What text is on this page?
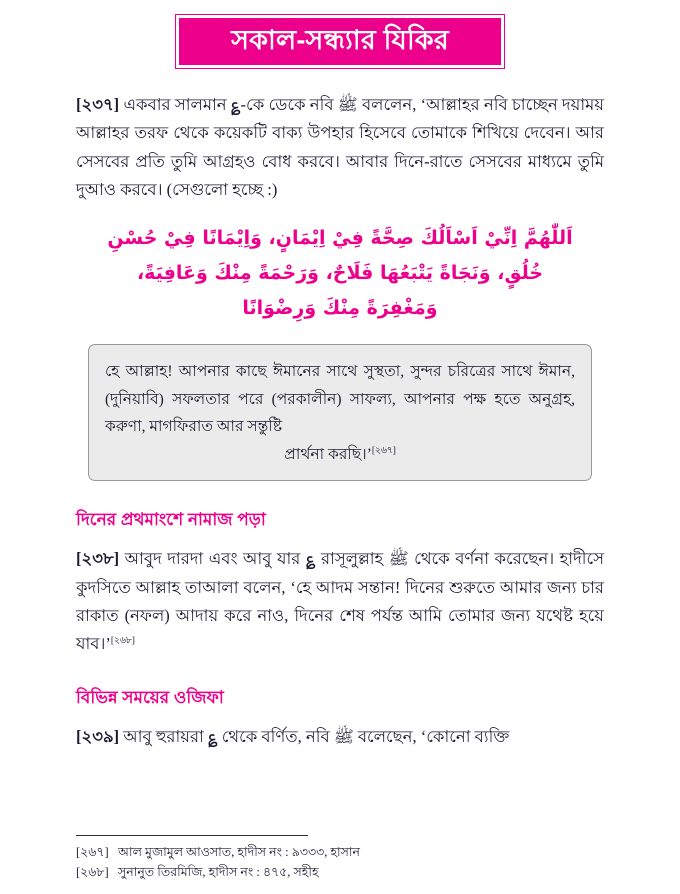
সকাল-সন্ধ্যার যিকির

[২৩৭] একবার সালমান ؏-কে ডেকে নবি ﷺ বললেন, ‘আল্লাহর নবি চাচ্ছেন দয়াময় আল্লাহর তরফ থেকে কয়েকটি বাক্য উপহার হিসেবে তোমাকে শিখিয়ে দেবেন। আর সেসবের প্রতি তুমি আগ্রহও বোধ করবে। আবার দিনে-রাতে সেসবের মাধ্যমে তুমি দুআও করবে। (সেগুলো হচ্ছে :)

اَللّٰهُمَّ اِنِّيْ اَسْاَلُكَ صِحَّةً فِيْ اِيْمَانٍ، وَاِيْمَانًا فِيْ حُسْنِ
خُلُقٍ، وَنَجَاةً يَتْبَعُهَا فَلَاحٌ، وَرَحْمَةً مِنْكَ وَعَافِيَةً،
وَمَغْفِرَةً مِنْكَ وَرِضْوَانًا

হে আল্লাহ! আপনার কাছে ঈমানের সাথে সুস্থতা, সুন্দর চরিত্রের সাথে ঈমান, (দুনিয়াবি) সফলতার পরে (পরকালীন) সাফল্য, আপনার পক্ষ হতে অনুগ্রহ, করুণা, মাগফিরাত আর সন্তুষ্টি
প্রার্থনা করছি।’[২৬৭]

দিনের প্রথমাংশে নামাজ পড়া

[২৩৮] আবুদ দারদা এবং আবু যার ؏ রাসূলুল্লাহ ﷺ থেকে বর্ণনা করেছেন। হাদীসে কুদসিতে আল্লাহ তাআলা বলেন, ‘হে আদম সন্তান! দিনের শুরুতে আমার জন্য চার রাকাত (নফল) আদায় করে নাও, দিনের শেষ পর্যন্ত আমি তোমার জন্য যথেষ্ট হয়ে যাব।’[২৬৮]

বিভিন্ন সময়ের ওজিফা

[২৩৯] আবু হুরায়রা ؏ থেকে বর্ণিত, নবি ﷺ বলেছেন, ‘কোনো ব্যক্তি

[২৬৭] আল মুজামুল আওসাত, হাদীস নং : ৯৩৩৩, হাসান
[২৬৮] সুনানুত তিরমিজি, হাদীস নং : ৪৭৫, সহীহ
